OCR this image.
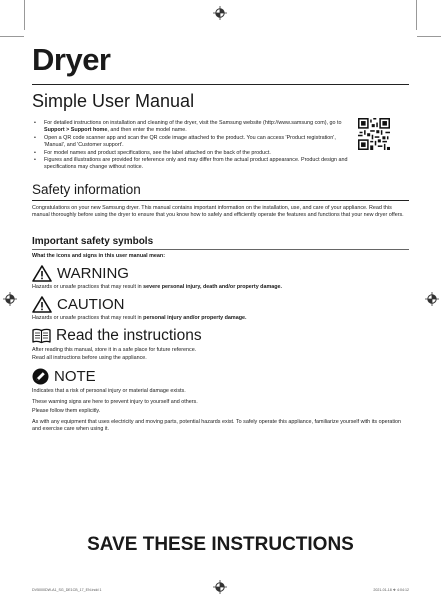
Dryer
Simple User Manual
• For detailed instructions on installation and cleaning of the dryer, visit the Samsung website (http://www.samsung com), go to Support > Support home, and then enter the model name.
• Open a QR code scanner app and scan the QR code image attached to the product. You can access 'Product registration', 'Manual', and 'Customer support'.
• For model names and product specifications, see the label attached on the back of the product.
• Figures and illustrations are provided for reference only and may differ from the actual product appearance. Product design and specifications may change without notice.
Safety information
Congratulations on your new Samsung dryer. This manual contains important information on the installation, use, and care of your appliance. Read this manual thoroughly before using the dryer to ensure that you know how to safely and efficiently operate the features and functions that your new dryer offers.
Important safety symbols
What the icons and signs in this user manual mean:
WARNING
Hazards or unsafe practices that may result in severe personal injury, death and/or property damage.
CAUTION
Hazards or unsafe practices that may result in personal injury and/or property damage.
Read the instructions
After reading this manual, store it in a safe place for future reference.
Read all instructions before using the appliance.
NOTE
Indicates that a risk of personal injury or material damage exists.
These warning signs are here to prevent injury to yourself and others.
Please follow them explicitly.
As with any equipment that uses electricity and moving parts, potential hazards exist. To safely operate this appliance, familiarize yourself with its operation and exercise care when using it.
SAVE THESE INSTRUCTIONS
DV5000DW-A1_SG_DE1CB_17_EN.indd 1	2021-01-18 ❖ 4:04:12
